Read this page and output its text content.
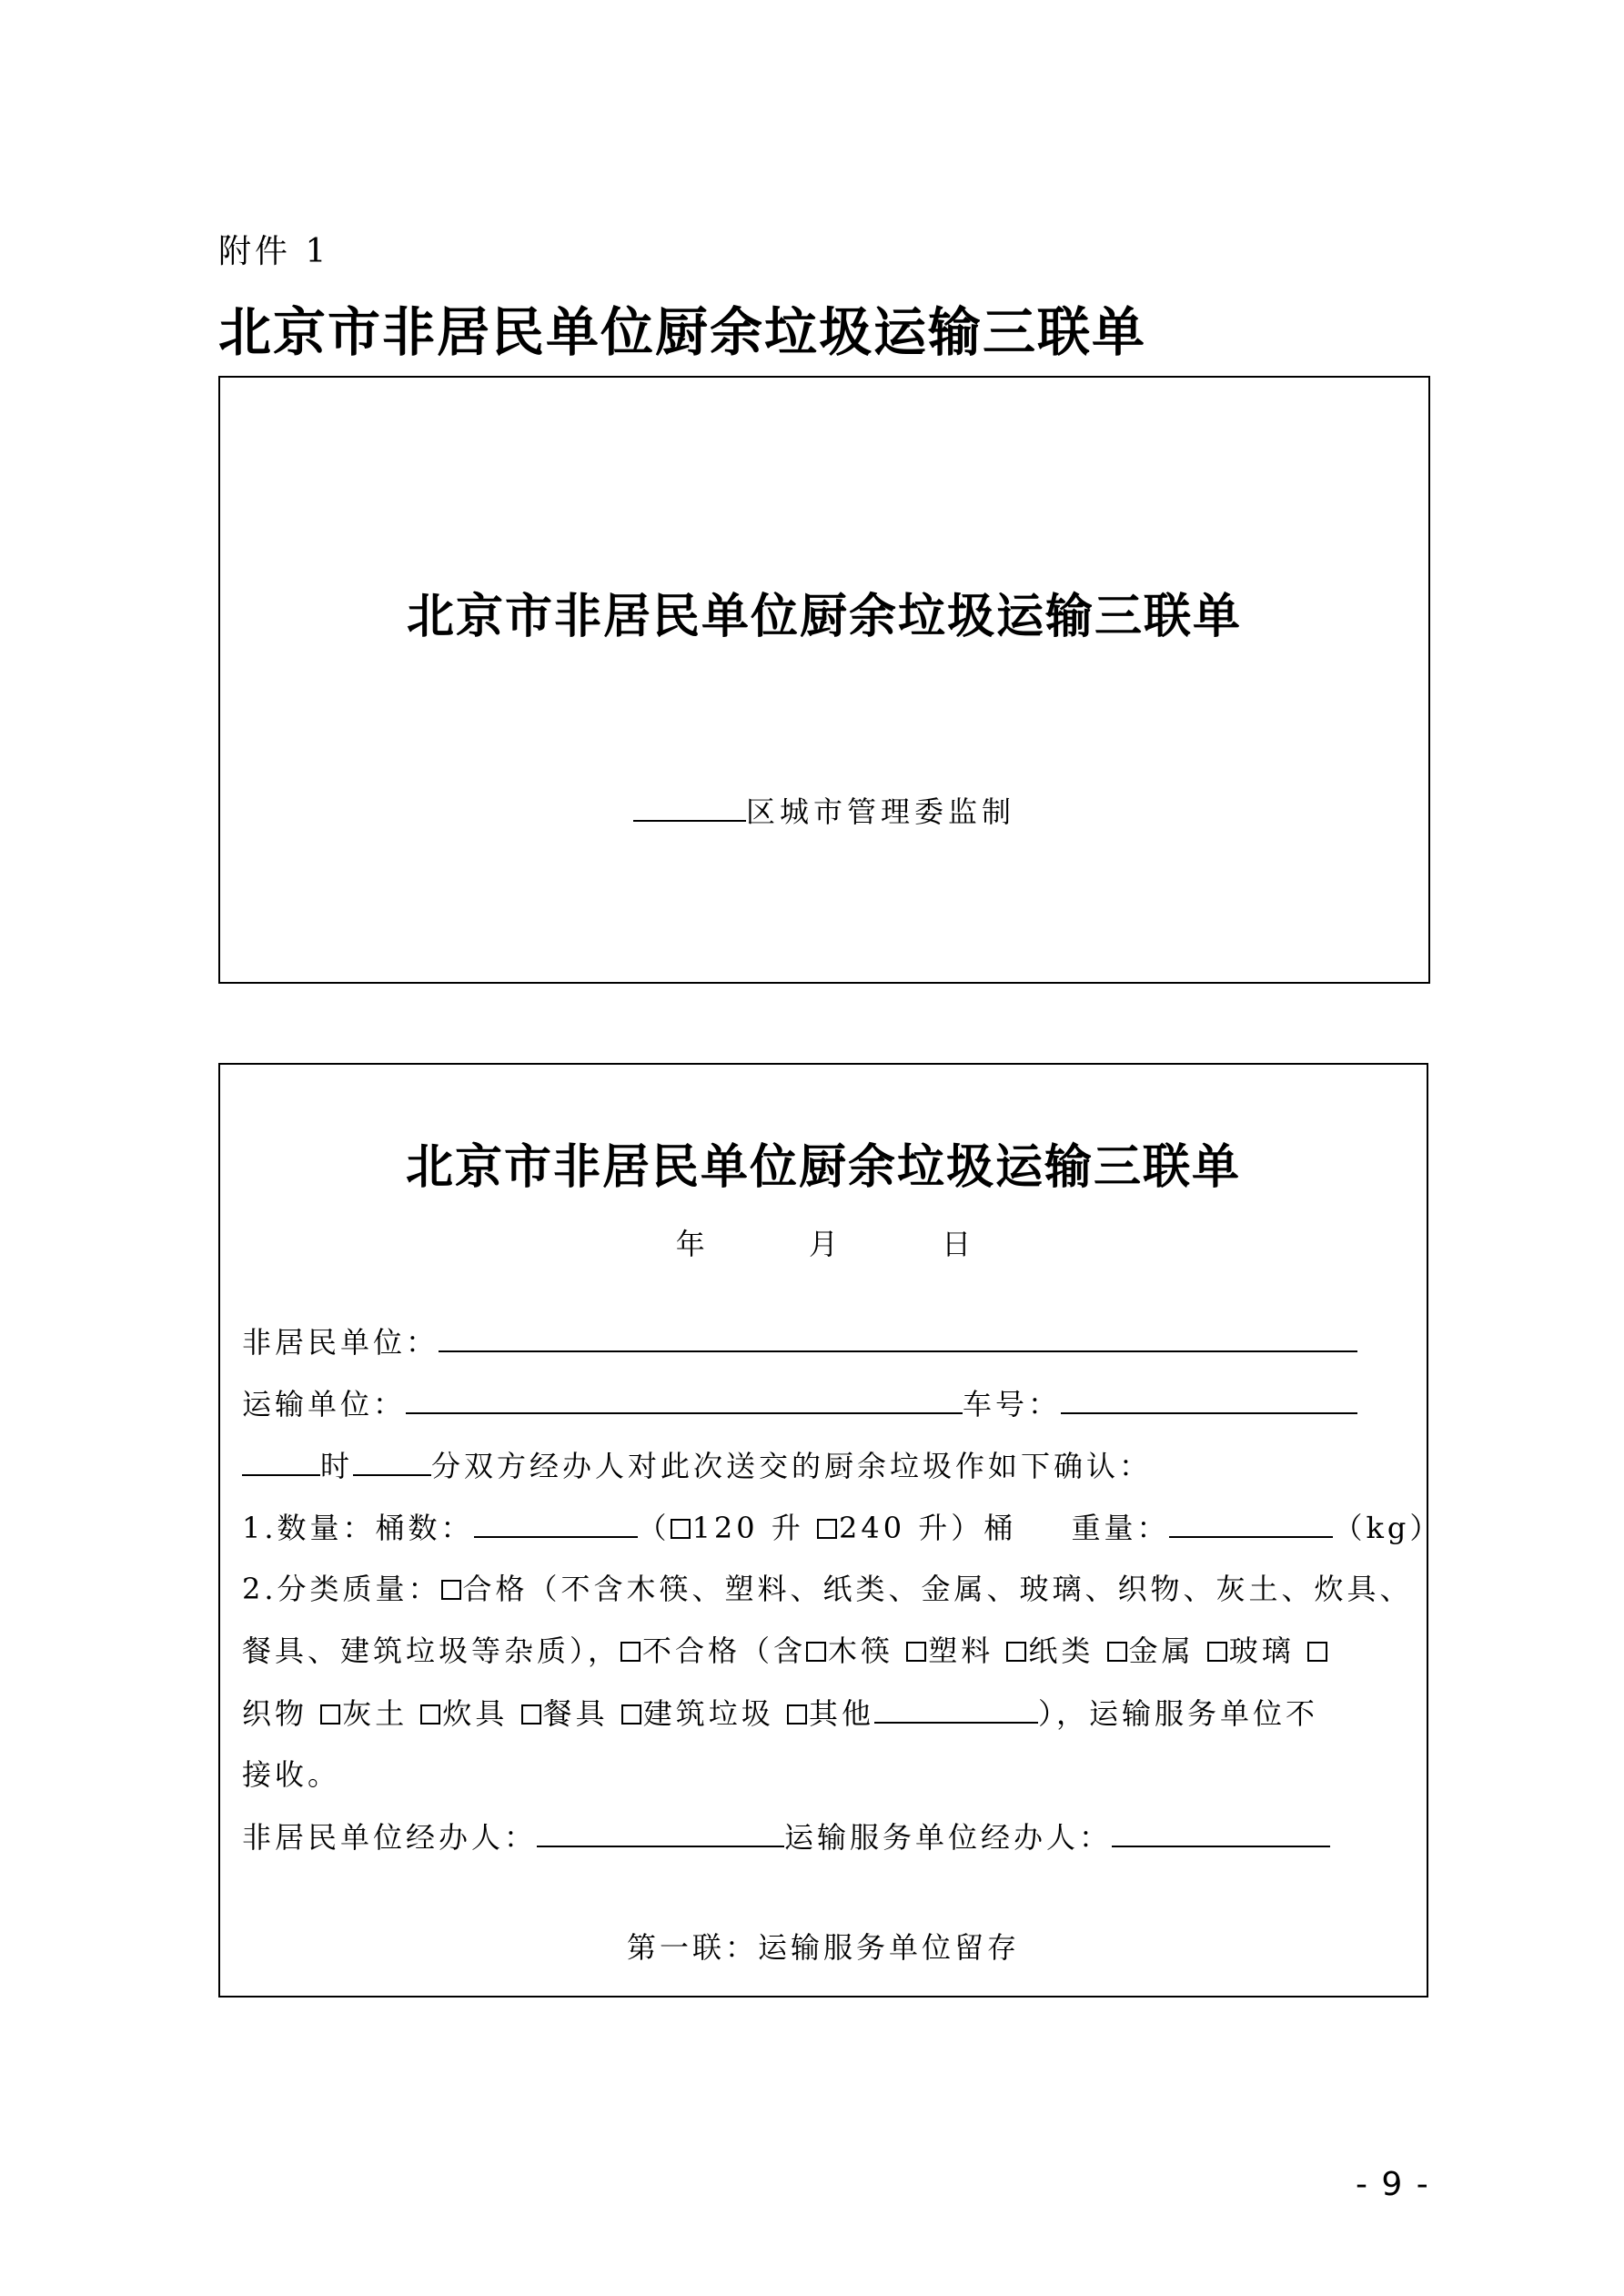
附件 1
北京市非居民单位厨余垃圾运输三联单
北京市非居民单位厨余垃圾运输三联单
区城市管理委监制
北京市非居民单位厨余垃圾运输三联单
年	月	日
非居民单位：
运输单位：	车号：
时	分双方经办人对此次送交的厨余垃圾作如下确认：
1.数量：桶数：	（ 120 升 240 升）桶 重量：	（kg）
2.分类质量： 合格（不含木筷、塑料、纸类、金属、玻璃、织物、灰土、炊具、
餐具、建筑垃圾等杂质）， 不合格（含 木筷 塑料 纸类 金属 玻璃
织物 灰土 炊具 餐具 建筑垃圾 其他	），运输服务单位不
接收。
非居民单位经办人：	运输服务单位经办人：
第一联：运输服务单位留存
- 9 -
